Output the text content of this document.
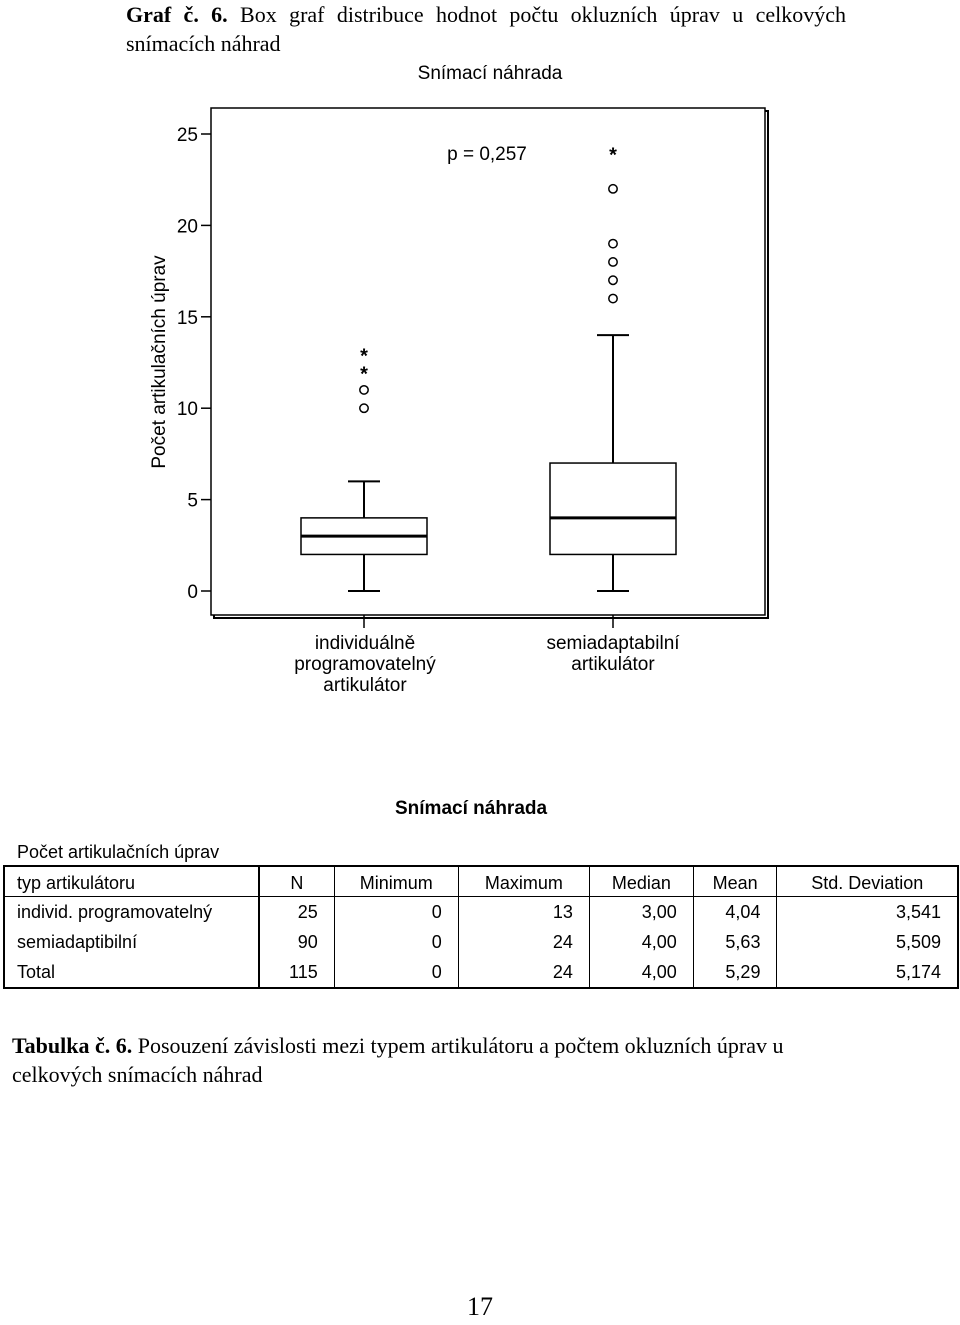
Graf č. 6. Box graf distribuce hodnot počtu okluzních úprav u celkových snímacích náhrad
Snímací náhrada
0
5
10
15
20
25
Počet artikulačních úprav
p = 0,257
individuálně
programovatelný
artikulátor
semiadaptabilní
artikulátor
*
*
*
Snímací náhrada
Počet artikulačních úprav
typ artikulátoru	N	Minimum	Maximum	Median	Mean	Std. Deviation
individ. programovatelný	25	0	13	3,00	4,04	3,541
semiadaptibilní	90	0	24	4,00	5,63	5,509
Total	115	0	24	4,00	5,29	5,174
Tabulka č. 6. Posouzení závislosti mezi typem artikulátoru a počtem okluzních úprav u celkových snímacích náhrad
17
